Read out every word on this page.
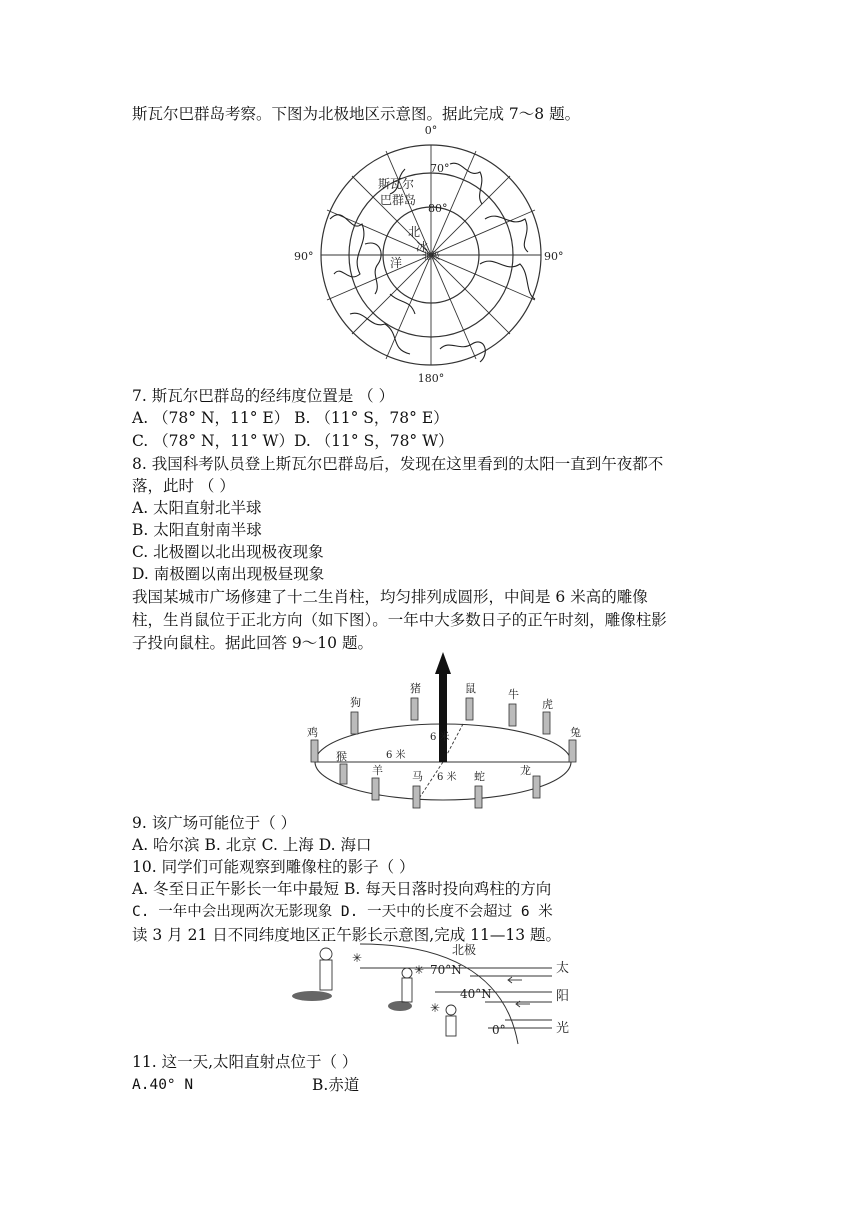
斯瓦尔巴群岛考察。下图为北极地区示意图。据此完成 7～8 题。
0°
90°	90°
180°
70°
80°
斯瓦尔
巴群岛
北
冰
洋 北极
7. 斯瓦尔巴群岛的经纬度位置是 （ ）
A. （78° N，11° E） B. （11° S，78° E）
C. （78° N，11° W）D. （11° S，78° W）
8. 我国科考队员登上斯瓦尔巴群岛后，发现在这里看到的太阳一直到午夜都不
落，此时 （ ）
A. 太阳直射北半球
B. 太阳直射南半球
C. 北极圈以北出现极夜现象
D. 南极圈以南出现极昼现象
我国某城市广场修建了十二生肖柱，均匀排列成圆形，中间是 6 米高的雕像
柱，生肖鼠位于正北方向（如下图）。一年中大多数日子的正午时刻，雕像柱影
子投向鼠柱。据此回答 9～10 题。
狗
猪	鼠	牛
虎
鸡	兔
猴
羊	马	蛇	龙
6 米
6 米
6 米
9. 该广场可能位于（ ）
A. 哈尔滨 B. 北京 C. 上海 D. 海口
10. 同学们可能观察到雕像柱的影子（ ）
A. 冬至日正午影长一年中最短 B. 每天日落时投向鸡柱的方向
C. 一年中会出现两次无影现象 D. 一天中的长度不会超过 6 米
读 3 月 21 日不同纬度地区正午影长示意图,完成 11—13 题。
✳
✳
✳
北极
70°N
40°N
0°
太
阳
光
11. 这一天,太阳直射点位于（ ）
A.40° N	B.赤道
